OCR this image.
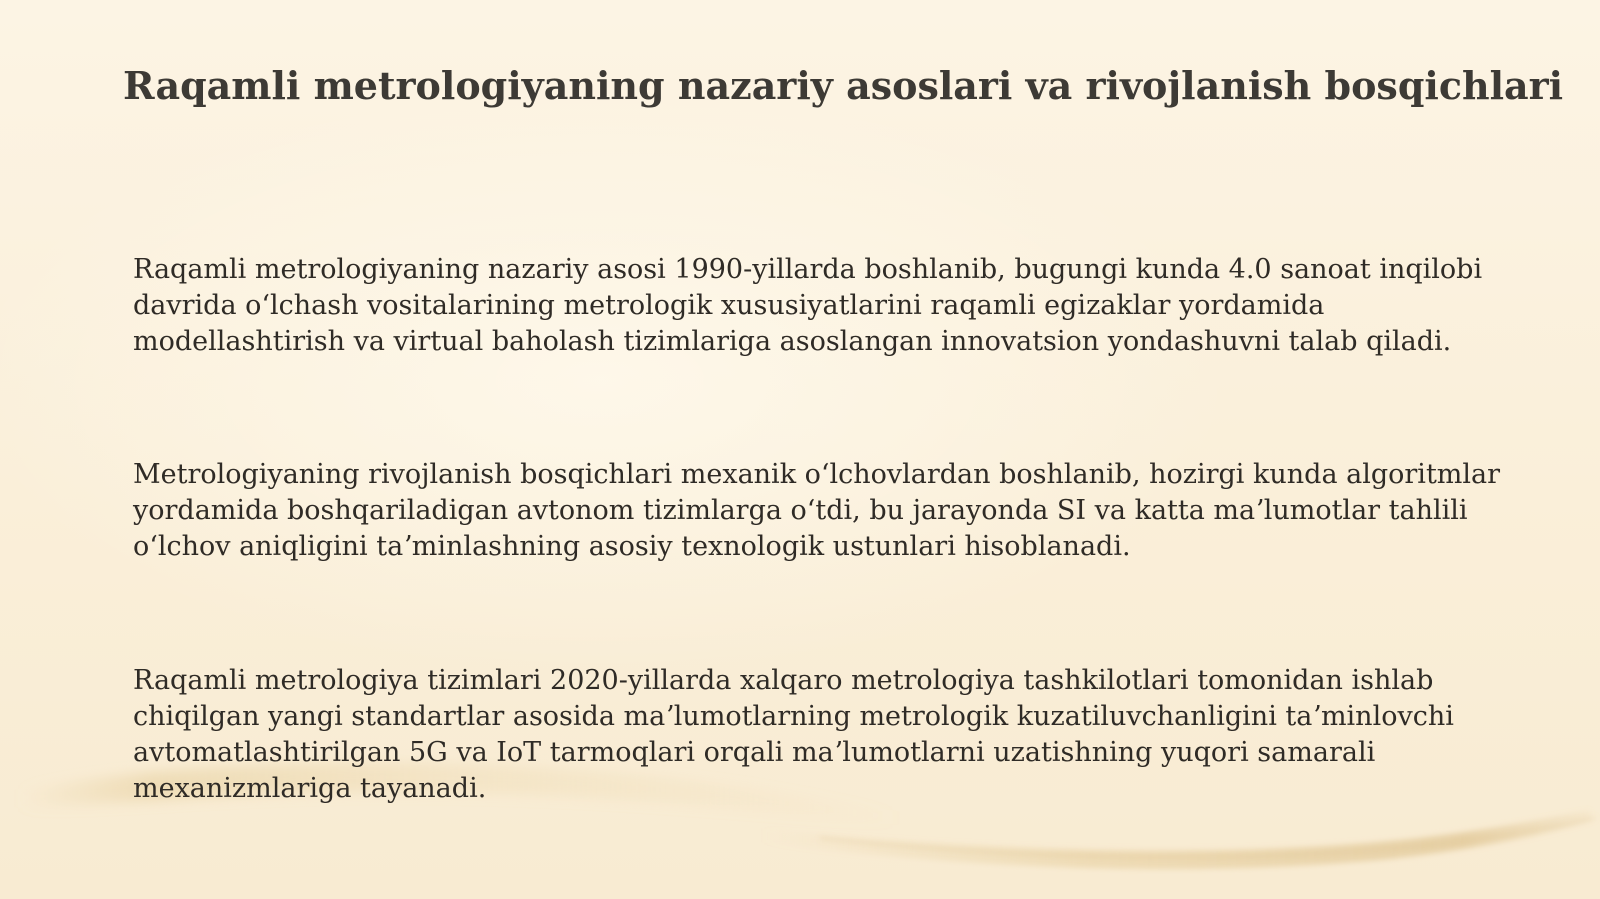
Raqamli metrologiyaning nazariy asoslari va rivojlanish bosqichlari

Raqamli metrologiyaning nazariy asosi 1990-yillarda boshlanib, bugungi kunda 4.0 sanoat inqilobi davrida oʻlchash vositalarining metrologik xususiyatlarini raqamli egizaklar yordamida modellashtirish va virtual baholash tizimlariga asoslangan innovatsion yondashuvni talab qiladi.

Metrologiyaning rivojlanish bosqichlari mexanik oʻlchovlardan boshlanib, hozirgi kunda algoritmlar yordamida boshqariladigan avtonom tizimlarga oʻtdi, bu jarayonda SI va katta maʼlumotlar tahlili oʻlchov aniqligini taʼminlashning asosiy texnologik ustunlari hisoblanadi.

Raqamli metrologiya tizimlari 2020-yillarda xalqaro metrologiya tashkilotlari tomonidan ishlab chiqilgan yangi standartlar asosida maʼlumotlarning metrologik kuzatiluvchanligini taʼminlovchi avtomatlashtirilgan 5G va IoT tarmoqlari orqali maʼlumotlarni uzatishning yuqori samarali mexanizmlariga tayanadi.
